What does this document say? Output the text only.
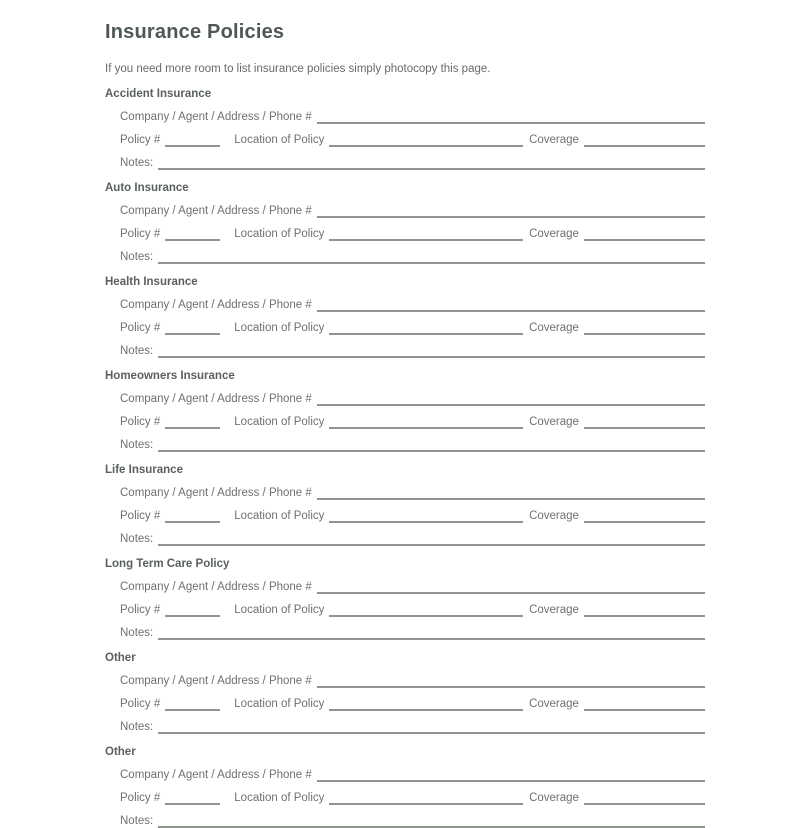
Insurance Policies
If you need more room to list insurance policies simply photocopy this page.
Accident Insurance
Company / Agent / Address / Phone #
Policy #	Location of Policy	Coverage
Notes:
Auto Insurance
Company / Agent / Address / Phone #
Policy #	Location of Policy	Coverage
Notes:
Health Insurance
Company / Agent / Address / Phone #
Policy #	Location of Policy	Coverage
Notes:
Homeowners Insurance
Company / Agent / Address / Phone #
Policy #	Location of Policy	Coverage
Notes:
Life Insurance
Company / Agent / Address / Phone #
Policy #	Location of Policy	Coverage
Notes:
Long Term Care Policy
Company / Agent / Address / Phone #
Policy #	Location of Policy	Coverage
Notes:
Other
Company / Agent / Address / Phone #
Policy #	Location of Policy	Coverage
Notes:
Other
Company / Agent / Address / Phone #
Policy #	Location of Policy	Coverage
Notes:
